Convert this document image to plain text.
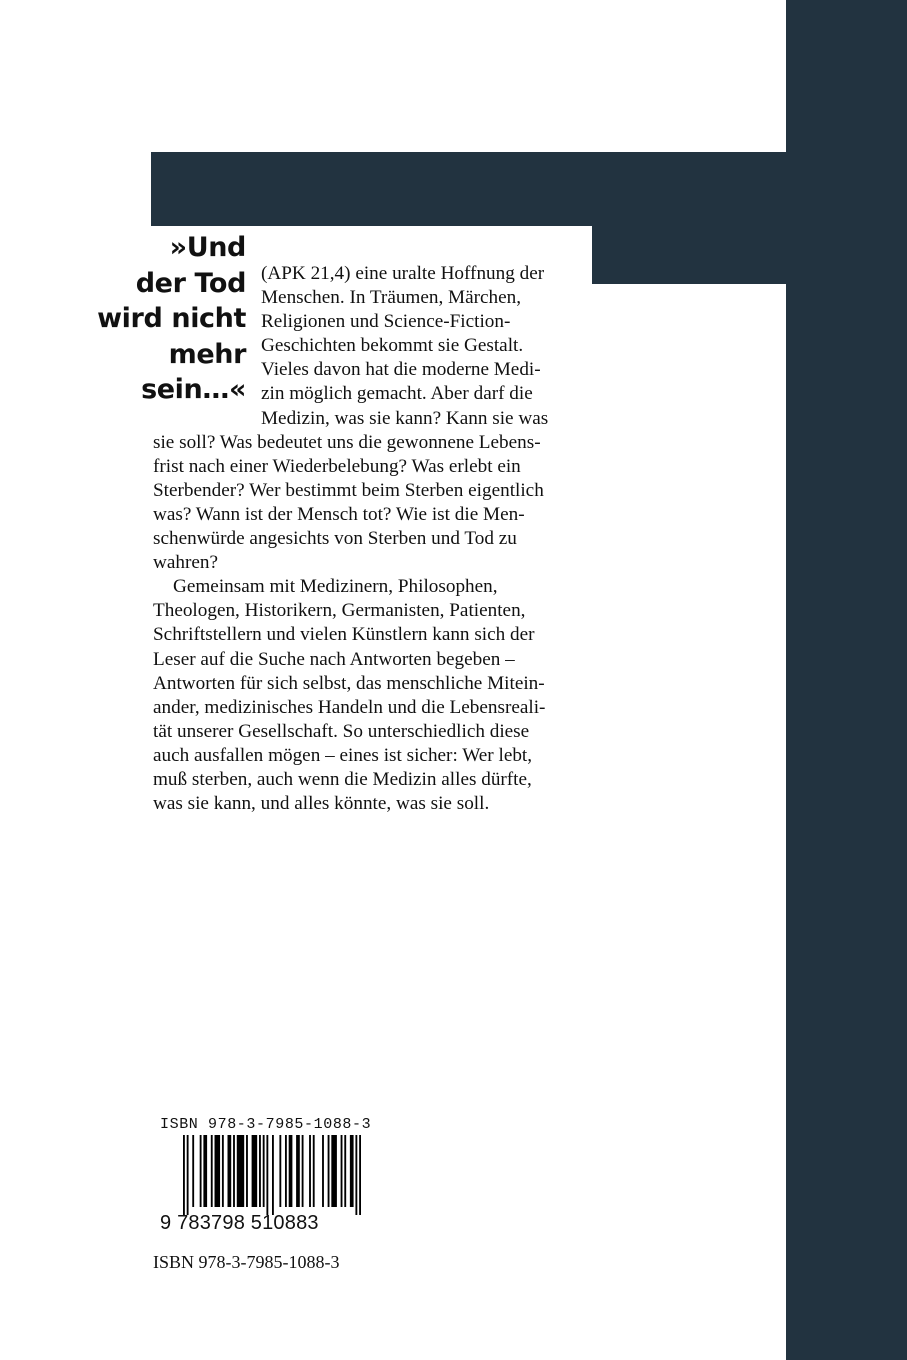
»Und
der Tod
wird nicht
mehr
sein…«
(APK 21,4) eine uralte Hoffnung der
Menschen. In Träumen, Märchen,
Religionen und Science-Fiction-
Geschichten bekommt sie Gestalt.
Vieles davon hat die moderne Medi-
zin möglich gemacht. Aber darf die
Medizin, was sie kann? Kann sie was
sie soll? Was bedeutet uns die gewonnene Lebens-
frist nach einer Wiederbelebung? Was erlebt ein
Sterbender? Wer bestimmt beim Sterben eigentlich
was? Wann ist der Mensch tot? Wie ist die Men-
schenwürde angesichts von Sterben und Tod zu
wahren?
Gemeinsam mit Medizinern, Philosophen,
Theologen, Historikern, Germanisten, Patienten,
Schriftstellern und vielen Künstlern kann sich der
Leser auf die Suche nach Antworten begeben –
Antworten für sich selbst, das menschliche Mitein-
ander, medizinisches Handeln und die Lebensreali-
tät unserer Gesellschaft. So unterschiedlich diese
auch ausfallen mögen – eines ist sicher: Wer lebt,
muß sterben, auch wenn die Medizin alles dürfte,
was sie kann, und alles könnte, was sie soll.
ISBN 978-3-7985-1088-3
9 783798 510883
ISBN 978-3-7985-1088-3
